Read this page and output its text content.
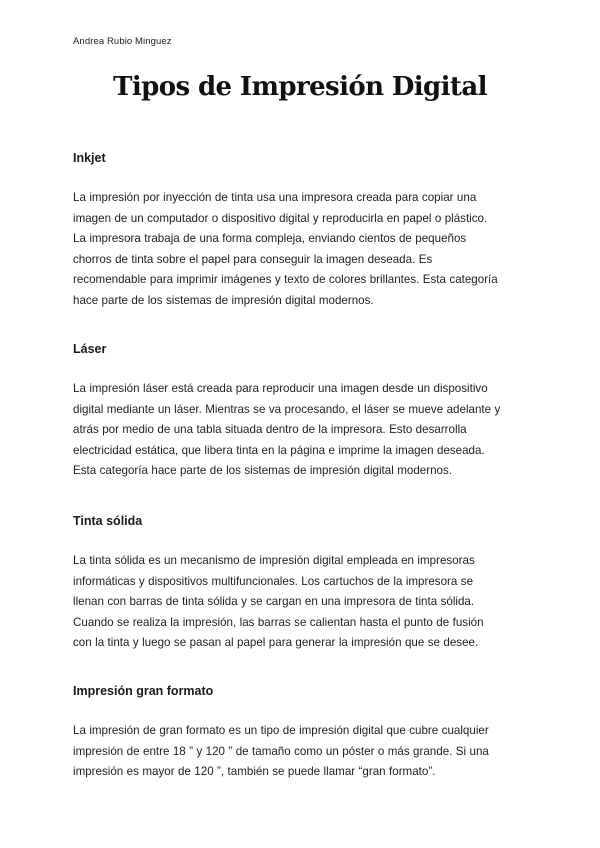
Andrea Rubio Minguez
Tipos de Impresión Digital
Inkjet

La impresión por inyección de tinta usa una impresora creada para copiar una
imagen de un computador o dispositivo digital y reproducirla en papel o plástico.
La impresora trabaja de una forma compleja, enviando cientos de pequeños
chorros de tinta sobre el papel para conseguir la imagen deseada. Es
recomendable para imprimir imágenes y texto de colores brillantes. Esta categoría
hace parte de los sistemas de impresión digital modernos.

Láser

La impresión láser está creada para reproducir una imagen desde un dispositivo
digital mediante un láser. Mientras se va procesando, el láser se mueve adelante y
atrás por medio de una tabla situada dentro de la impresora. Esto desarrolla
electricidad estática, que libera tinta en la página e imprime la imagen deseada.
Esta categoría hace parte de los sistemas de impresión digital modernos.

Tinta sólida

La tinta sólida es un mecanismo de impresión digital empleada en impresoras
informáticas y dispositivos multifuncionales. Los cartuchos de la impresora se
llenan con barras de tinta sólida y se cargan en una impresora de tinta sólida.
Cuando se realiza la impresión, las barras se calientan hasta el punto de fusión
con la tinta y luego se pasan al papel para generar la impresión que se desee.

Impresión gran formato

La impresión de gran formato es un tipo de impresión digital que cubre cualquier
impresión de entre 18 ” y 120 ” de tamaño como un póster o más grande. Si una
impresión es mayor de 120 ”, también se puede llamar “gran formato”.
